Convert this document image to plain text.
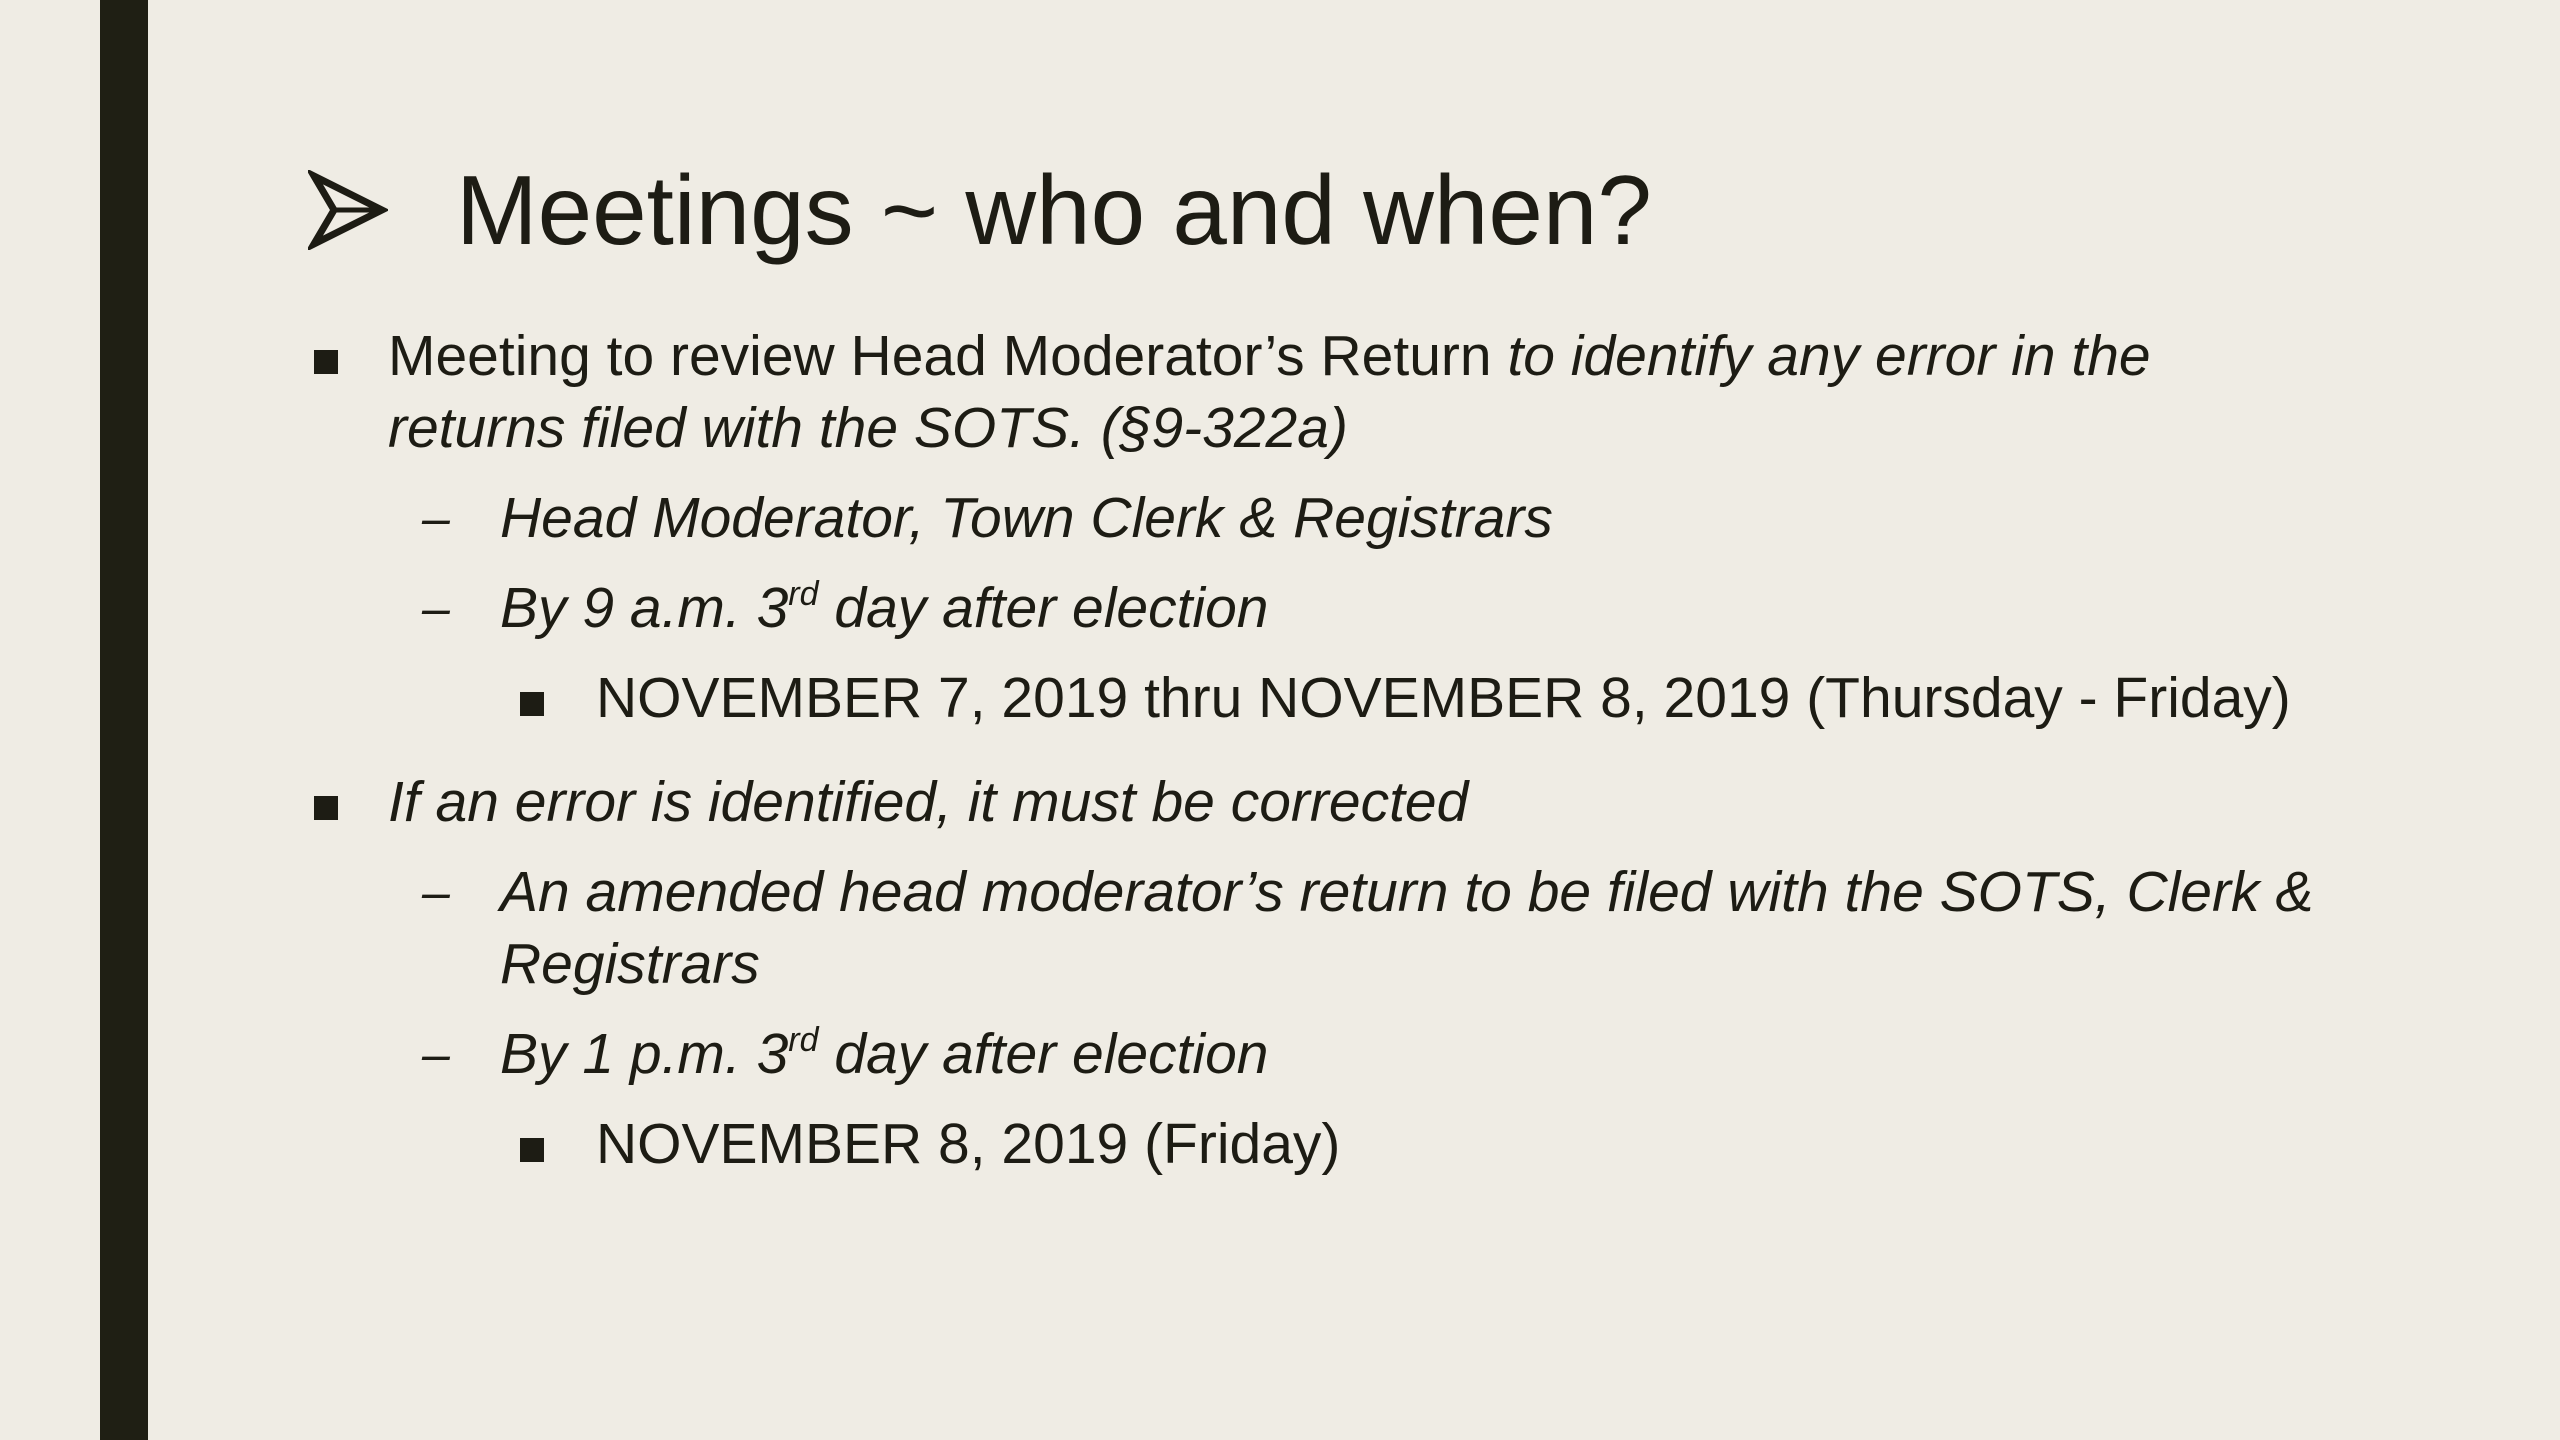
Meetings ~ who and when?
Meeting to review Head Moderator’s Return to identify any error in the returns filed with the SOTS. (§9-322a)
– Head Moderator, Town Clerk & Registrars
– By 9 a.m. 3rd day after election
NOVEMBER 7, 2019 thru NOVEMBER 8, 2019 (Thursday - Friday)
If an error is identified, it must be corrected
– An amended head moderator’s return to be filed with the SOTS, Clerk & Registrars
– By 1 p.m. 3rd day after election
NOVEMBER 8, 2019 (Friday)
